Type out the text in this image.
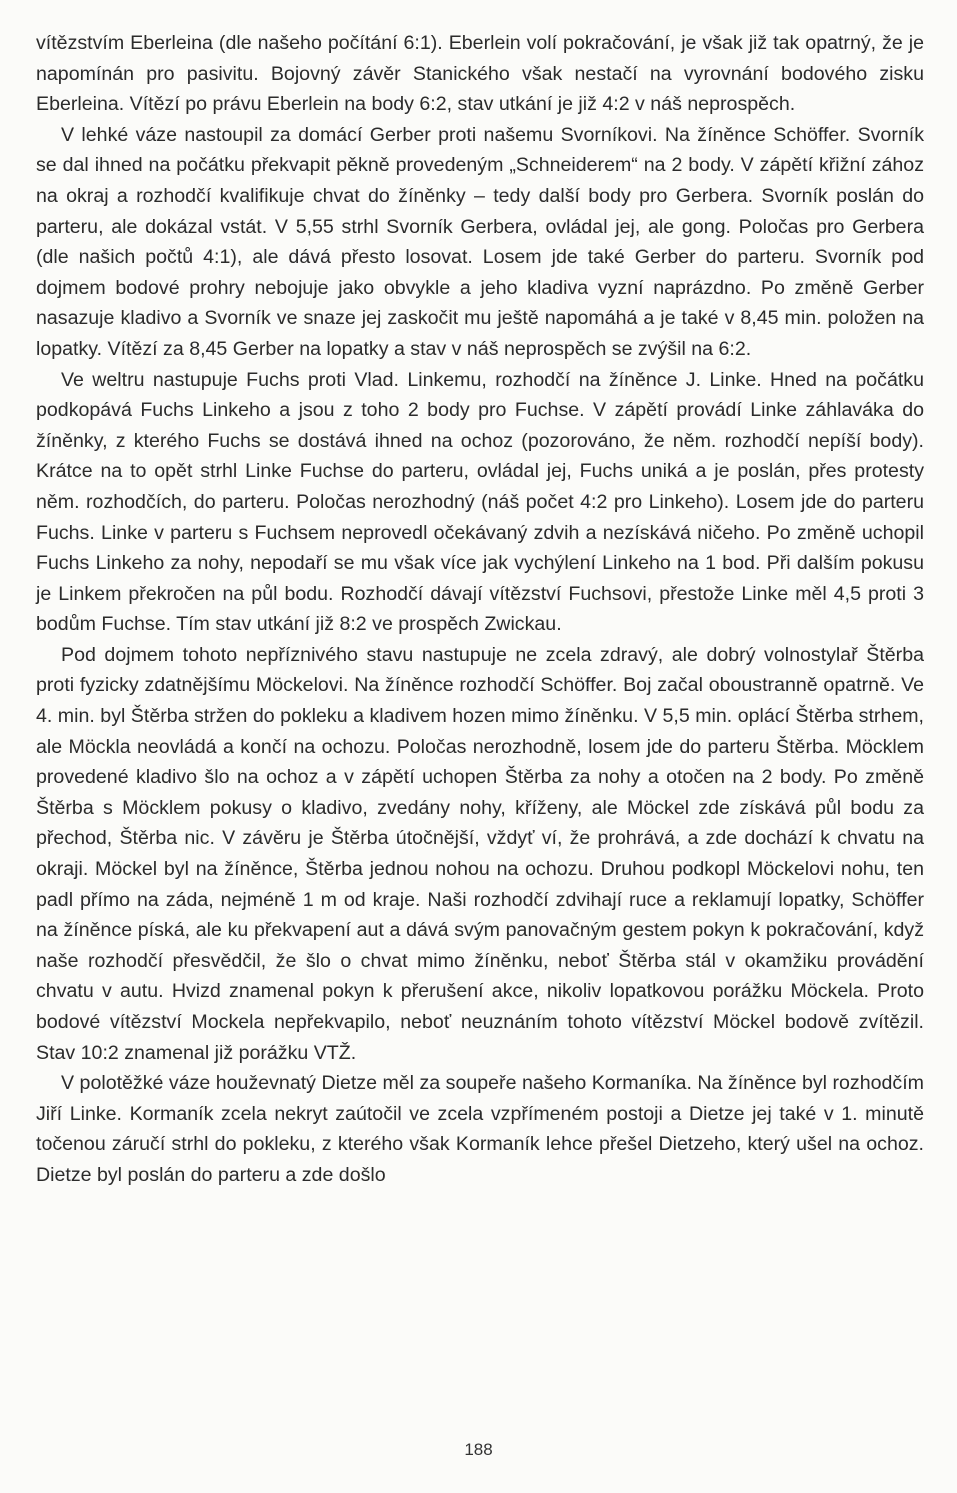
vítězstvím Eberleina (dle našeho počítání 6:1). Eberlein volí pokračování, je však již tak opatrný, že je napomínán pro pasivitu. Bojovný závěr Stanického však nestačí na vyrovnání bodového zisku Eberleina. Vítězí po právu Eberlein na body 6:2, stav utkání je již 4:2 v náš neprospěch.

V lehké váze nastoupil za domácí Gerber proti našemu Svorníkovi. Na žíněnce Schöffer. Svorník se dal ihned na počátku překvapit pěkně provedeným „Schneiderem“ na 2 body. V zápětí křižní zához na okraj a rozhodčí kvalifikuje chvat do žíněnky – tedy další body pro Gerbera. Svorník poslán do parteru, ale dokázal vstát. V 5,55 strhl Svorník Gerbera, ovládal jej, ale gong. Poločas pro Gerbera (dle našich počtů 4:1), ale dává přesto losovat. Losem jde také Gerber do parteru. Svorník pod dojmem bodové prohry nebojuje jako obvykle a jeho kladiva vyzní naprázdno. Po změně Gerber nasazuje kladivo a Svorník ve snaze jej zaskočit mu ještě napomáhá a je také v 8,45 min. položen na lopatky. Vítězí za 8,45 Gerber na lopatky a stav v náš neprospěch se zvýšil na 6:2.

Ve weltru nastupuje Fuchs proti Vlad. Linkemu, rozhodčí na žíněnce J. Linke. Hned na počátku podkopává Fuchs Linkeho a jsou z toho 2 body pro Fuchse. V zápětí provádí Linke záhlaváka do žíněnky, z kterého Fuchs se dostává ihned na ochoz (pozorováno, že něm. rozhodčí nepíší body). Krátce na to opět strhl Linke Fuchse do parteru, ovládal jej, Fuchs uniká a je poslán, přes protesty něm. rozhodčích, do parteru. Poločas nerozhodný (náš počet 4:2 pro Linkeho). Losem jde do parteru Fuchs. Linke v parteru s Fuchsem neprovedl očekávaný zdvih a nezískává ničeho. Po změně uchopil Fuchs Linkeho za nohy, nepodaří se mu však více jak vychýlení Linkeho na 1 bod. Při dalším pokusu je Linkem překročen na půl bodu. Rozhodčí dávají vítězství Fuchsovi, přestože Linke měl 4,5 proti 3 bodům Fuchse. Tím stav utkání již 8:2 ve prospěch Zwickau.

Pod dojmem tohoto nepříznivého stavu nastupuje ne zcela zdravý, ale dobrý volnostylař Štěrba proti fyzicky zdatnějšímu Möckelovi. Na žíněnce rozhodčí Schöffer. Boj začal oboustranně opatrně. Ve 4. min. byl Štěrba stržen do pokleku a kladivem hozen mimo žíněnku. V 5,5 min. oplácí Štěrba strhem, ale Möckla neovládá a končí na ochozu. Poločas nerozhodně, losem jde do parteru Štěrba. Möcklem provedené kladivo šlo na ochoz a v zápětí uchopen Štěrba za nohy a otočen na 2 body. Po změně Štěrba s Möcklem pokusy o kladivo, zvedány nohy, kříženy, ale Möckel zde získává půl bodu za přechod, Štěrba nic. V závěru je Štěrba útočnější, vždyť ví, že prohrává, a zde dochází k chvatu na okraji. Möckel byl na žíněnce, Štěrba jednou nohou na ochozu. Druhou podkopl Möckelovi nohu, ten padl přímo na záda, nejméně 1 m od kraje. Naši rozhodčí zdvihají ruce a reklamují lopatky, Schöffer na žíněnce píská, ale ku překvapení aut a dává svým panovačným gestem pokyn k pokračování, když naše rozhodčí přesvědčil, že šlo o chvat mimo žíněnku, neboť Štěrba stál v okamžiku provádění chvatu v autu. Hvizd znamenal pokyn k přerušení akce, nikoliv lopatkovou porážku Möckela. Proto bodové vítězství Mockela nepřekvapilo, neboť neuznáním tohoto vítězství Möckel bodově zvítězil. Stav 10:2 znamenal již porážku VTŽ.

V polotěžké váze houževnatý Dietze měl za soupeře našeho Kormaníka. Na žíněnce byl rozhodčím Jiří Linke. Kormaník zcela nekryt zaútočil ve zcela vzpřímeném postoji a Dietze jej také v 1. minutě točenou záručí strhl do pokleku, z kterého však Kormaník lehce přešel Dietzeho, který ušel na ochoz. Dietze byl poslán do parteru a zde došlo

188
